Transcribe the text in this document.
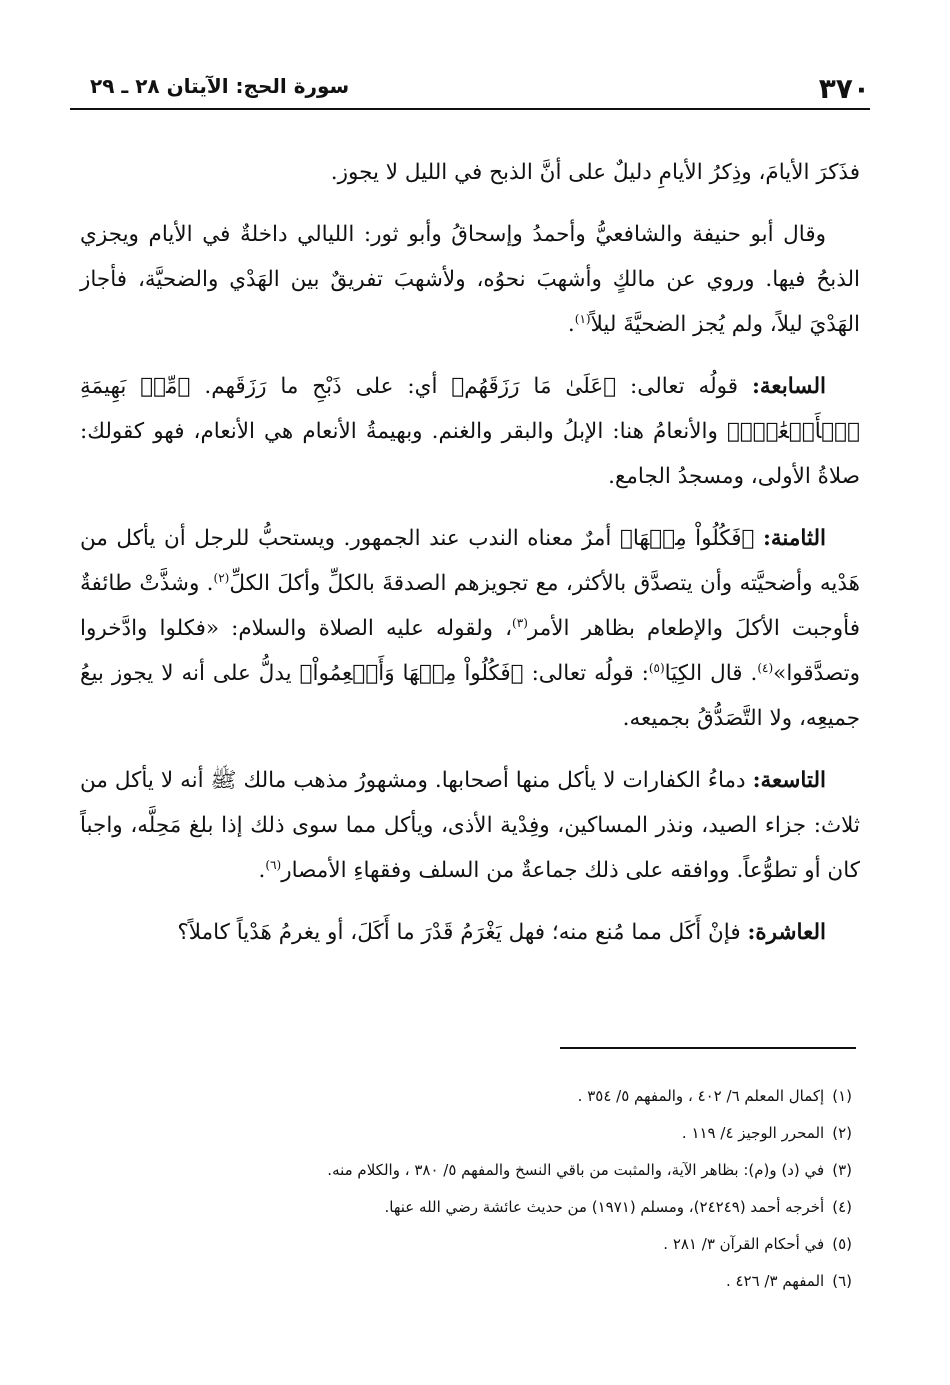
٣٧٠
سورة الحج: الآيتان ٢٨ ـ ٢٩

فذَكرَ الأيامَ، وذِكرُ الأيامِ دليلٌ على أنَّ الذبح في الليل لا يجوز.

وقال أبو حنيفة والشافعيُّ وأحمدُ وإسحاقُ وأبو ثور: الليالي داخلةٌ في الأيام ويجزي الذبحُ فيها. وروي عن مالكٍ وأشهبَ نحوُه، ولأشهبَ تفريقٌ بين الهَدْي والضحيَّة، فأجاز الهَدْيَ ليلاً، ولم يُجز الضحيَّةَ ليلاً$^{(١)}$.

السابعة: قولُه تعالى: ﴿عَلَىٰ مَا رَزَقَهُم﴾ أي: على ذَبْحِ ما رَزَقَهم. ﴿مِّنۢ بَهِيمَةِ ٱلۡأَنۡعَٰمِۖ﴾ والأنعامُ هنا: الإبلُ والبقر والغنم. وبهيمةُ الأنعام هي الأنعام، فهو كقولك: صلاةُ الأولى، ومسجدُ الجامع.

الثامنة: ﴿فَكُلُواْ مِنۡهَا﴾ أمرٌ معناه الندب عند الجمهور. ويستحبُّ للرجل أن يأكل من هَدْيه وأضحيَّته وأن يتصدَّق بالأكثر، مع تجويزهم الصدقةَ بالكلِّ وأكلَ الكلِّ$^{(٢)}$. وشذَّتْ طائفةٌ فأوجبت الأكلَ والإطعام بظاهر الأمر$^{(٣)}$، ولقوله عليه الصلاة والسلام: «فكلوا وادَّخروا وتصدَّقوا»$^{(٤)}$. قال الكِيَا$^{(٥)}$: قولُه تعالى: ﴿فَكُلُواْ مِنۡهَا وَأَطۡعِمُواْ﴾ يدلُّ على أنه لا يجوز بيعُ جميعِه، ولا التَّصَدُّقُ بجميعه.

التاسعة: دماءُ الكفارات لا يأكل منها أصحابها. ومشهورُ مذهب مالك ﷺ أنه لا يأكل من ثلاث: جزاء الصيد، ونذر المساكين، وفِدْية الأذى، ويأكل مما سوى ذلك إذا بلغ مَحِلَّه، واجباً كان أو تطوُّعاً. ووافقه على ذلك جماعةٌ من السلف وفقهاءِ الأمصار$^{(٦)}$.

العاشرة: فإنْ أَكَل مما مُنع منه؛ فهل يَغْرَمُ قَدْرَ ما أَكَلَ، أو يغرمُ هَدْياً كاملاً؟

(١)إكمال المعلم ٦/ ٤٠٢ ، والمفهم ٥/ ٣٥٤ .
(٢)المحرر الوجيز ٤/ ١١٩ .
(٣)في (د) و(م): بظاهر الآية، والمثبت من باقي النسخ والمفهم ٥/ ٣٨٠ ، والكلام منه.
(٤)أخرجه أحمد (٢٤٢٤٩)، ومسلم (١٩٧١) من حديث عائشة رضي الله عنها.
(٥)في أحكام القرآن ٣/ ٢٨١ .
(٦)المفهم ٣/ ٤٢٦ .
